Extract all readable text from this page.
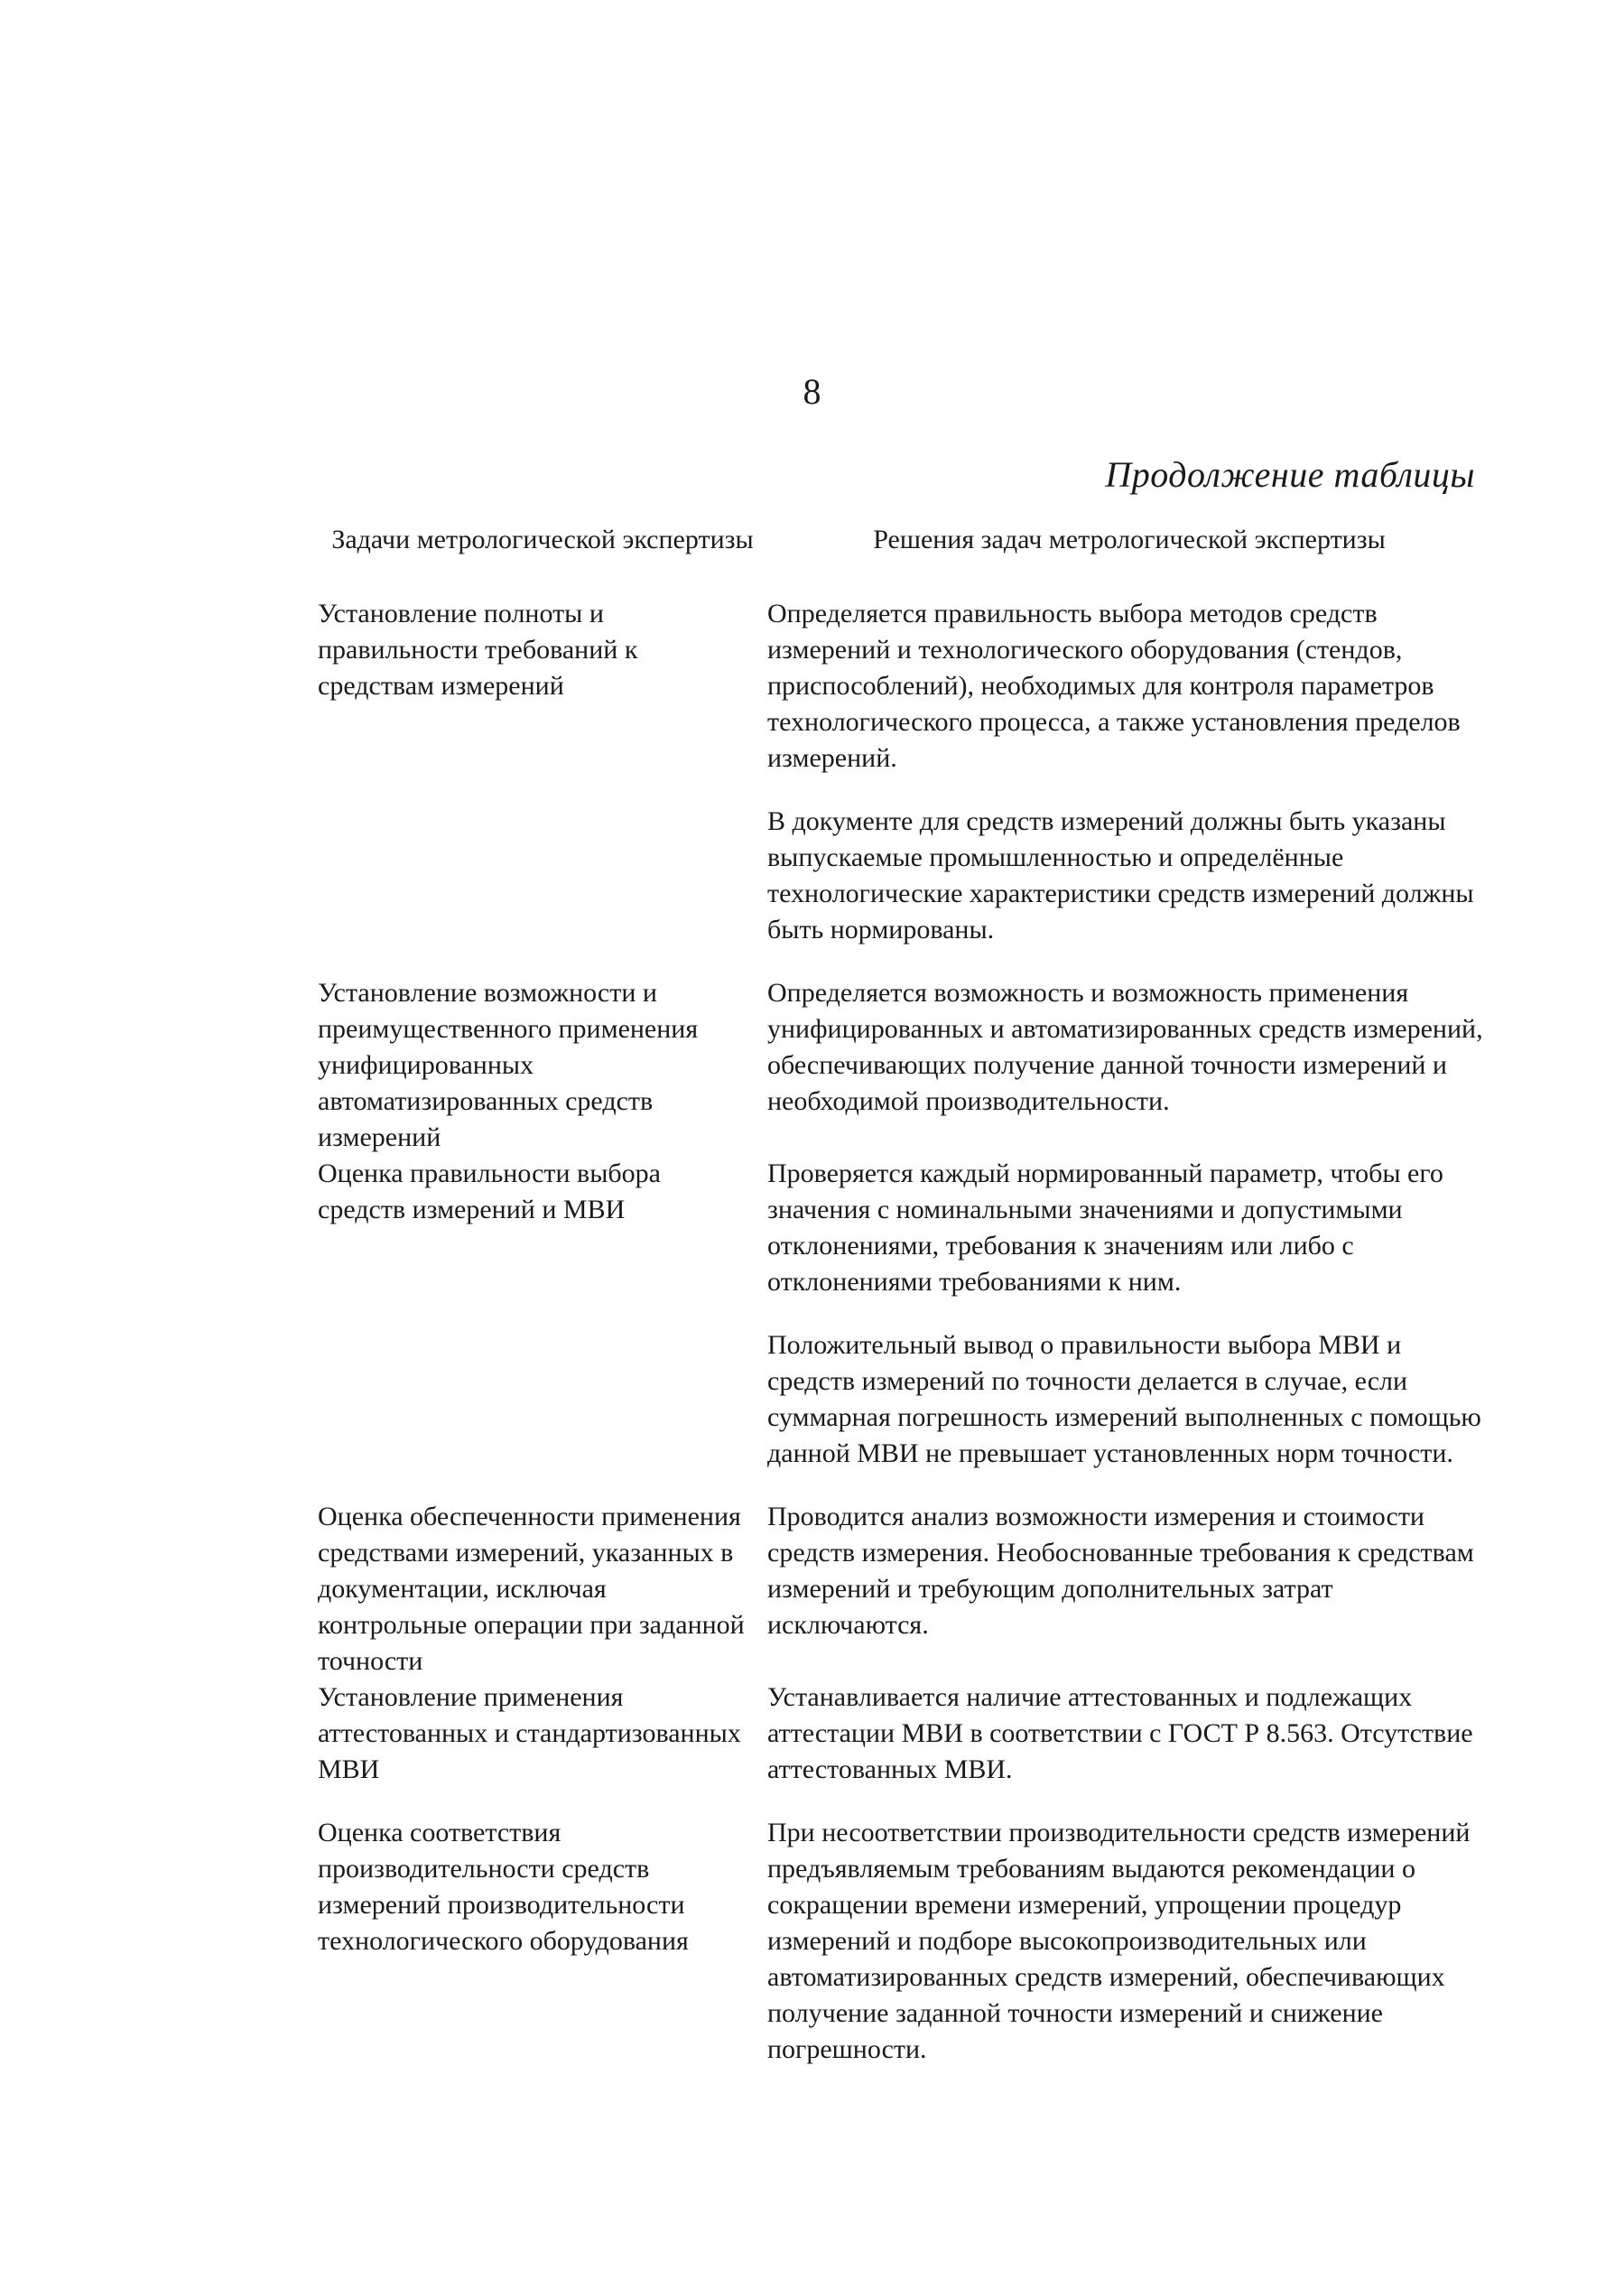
8
Продолжение таблицы
Задачи метрологической экспертизы	Решения задач метрологической экспертизы
Установление полноты и правильности требований к средствам измерений	Определяется правильность выбора методов средств измерений и технологического оборудования (стендов, приспособлений), необходимых для контроля параметров технологического процесса, а также установления пределов измерений.

В документе для средств измерений должны быть указаны выпускаемые промышленностью и определённые технологические характеристики средств измерений должны быть нормированы.

Установление возможности и преимущественного применения унифицированных автоматизированных средств измерений	Определяется возможность и возможность применения унифицированных и автоматизированных средств измерений, обеспечивающих получение данной точности измерений и необходимой производительности.

Оценка правильности выбора средств измерений и МВИ	Проверяется каждый нормированный параметр, чтобы его значения с номинальными значениями и допустимыми отклонениями, требования к значениям или либо с отклонениями требованиями к ним.

Положительный вывод о правильности выбора МВИ и средств измерений по точности делается в случае, если суммарная погрешность измерений выполненных с помощью данной МВИ не превышает установленных норм точности.

Оценка обеспеченности применения средствами измерений, указанных в документации, исключая контрольные операции при заданной точности	Проводится анализ возможности измерения и стоимости средств измерения. Необоснованные требования к средствам измерений и требующим дополнительных затрат исключаются.

Установление применения аттестованных и стандартизованных МВИ	Устанавливается наличие аттестованных и подлежащих аттестации МВИ в соответствии с ГОСТ Р 8.563. Отсутствие аттестованных МВИ.

Оценка соответствия производительности средств измерений производительности технологического оборудования	При несоответствии производительности средств измерений предъявляемым требованиям выдаются рекомендации о сокращении времени измерений, упрощении процедур измерений и подборе высокопроизводительных или автоматизированных средств измерений, обеспечивающих получение заданной точности измерений и снижение погрешности.
